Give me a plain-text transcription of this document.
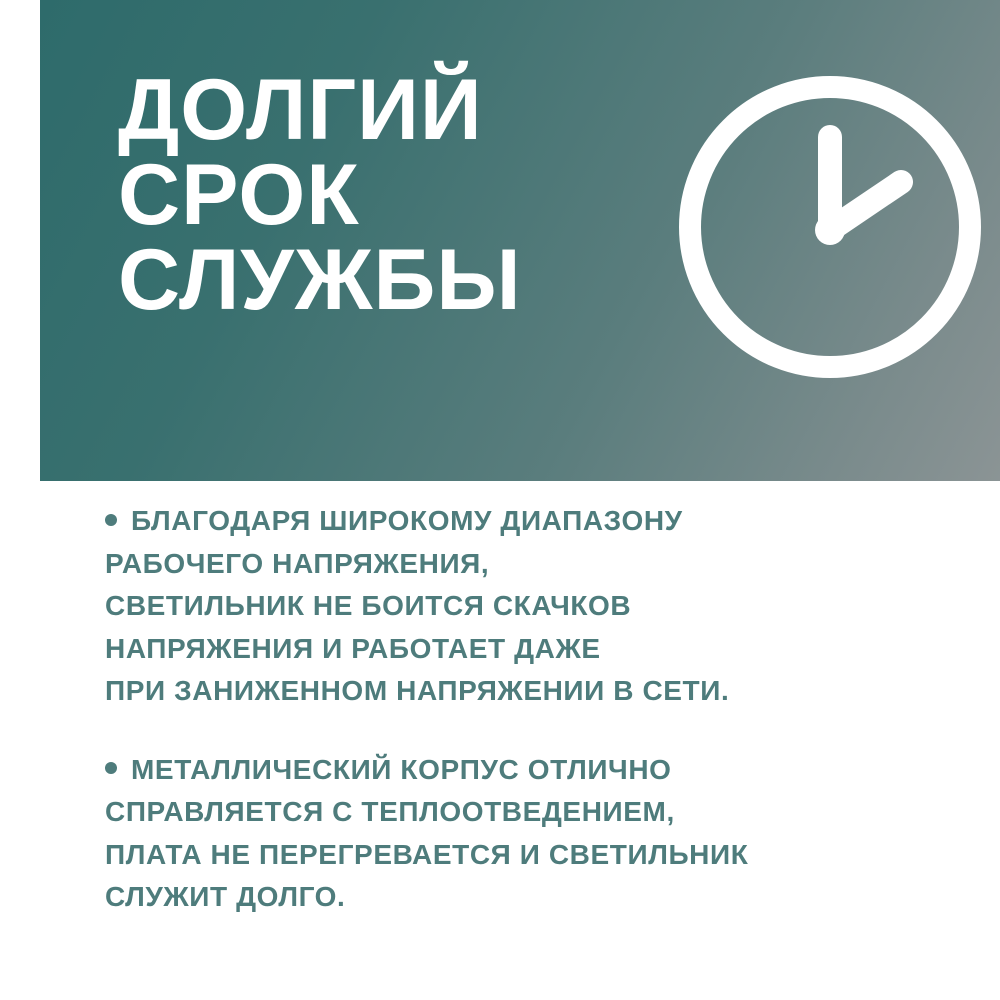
ДОЛГИЙ
СРОК
СЛУЖБЫ
БЛАГОДАРЯ ШИРОКОМУ ДИАПАЗОНУ
РАБОЧЕГО НАПРЯЖЕНИЯ,
СВЕТИЛЬНИК НЕ БОИТСЯ СКАЧКОВ
НАПРЯЖЕНИЯ И РАБОТАЕТ ДАЖЕ
ПРИ ЗАНИЖЕННОМ НАПРЯЖЕНИИ В СЕТИ.
МЕТАЛЛИЧЕСКИЙ КОРПУС ОТЛИЧНО
СПРАВЛЯЕТСЯ С ТЕПЛООТВЕДЕНИЕМ,
ПЛАТА НЕ ПЕРЕГРЕВАЕТСЯ И СВЕТИЛЬНИК
СЛУЖИТ ДОЛГО.
